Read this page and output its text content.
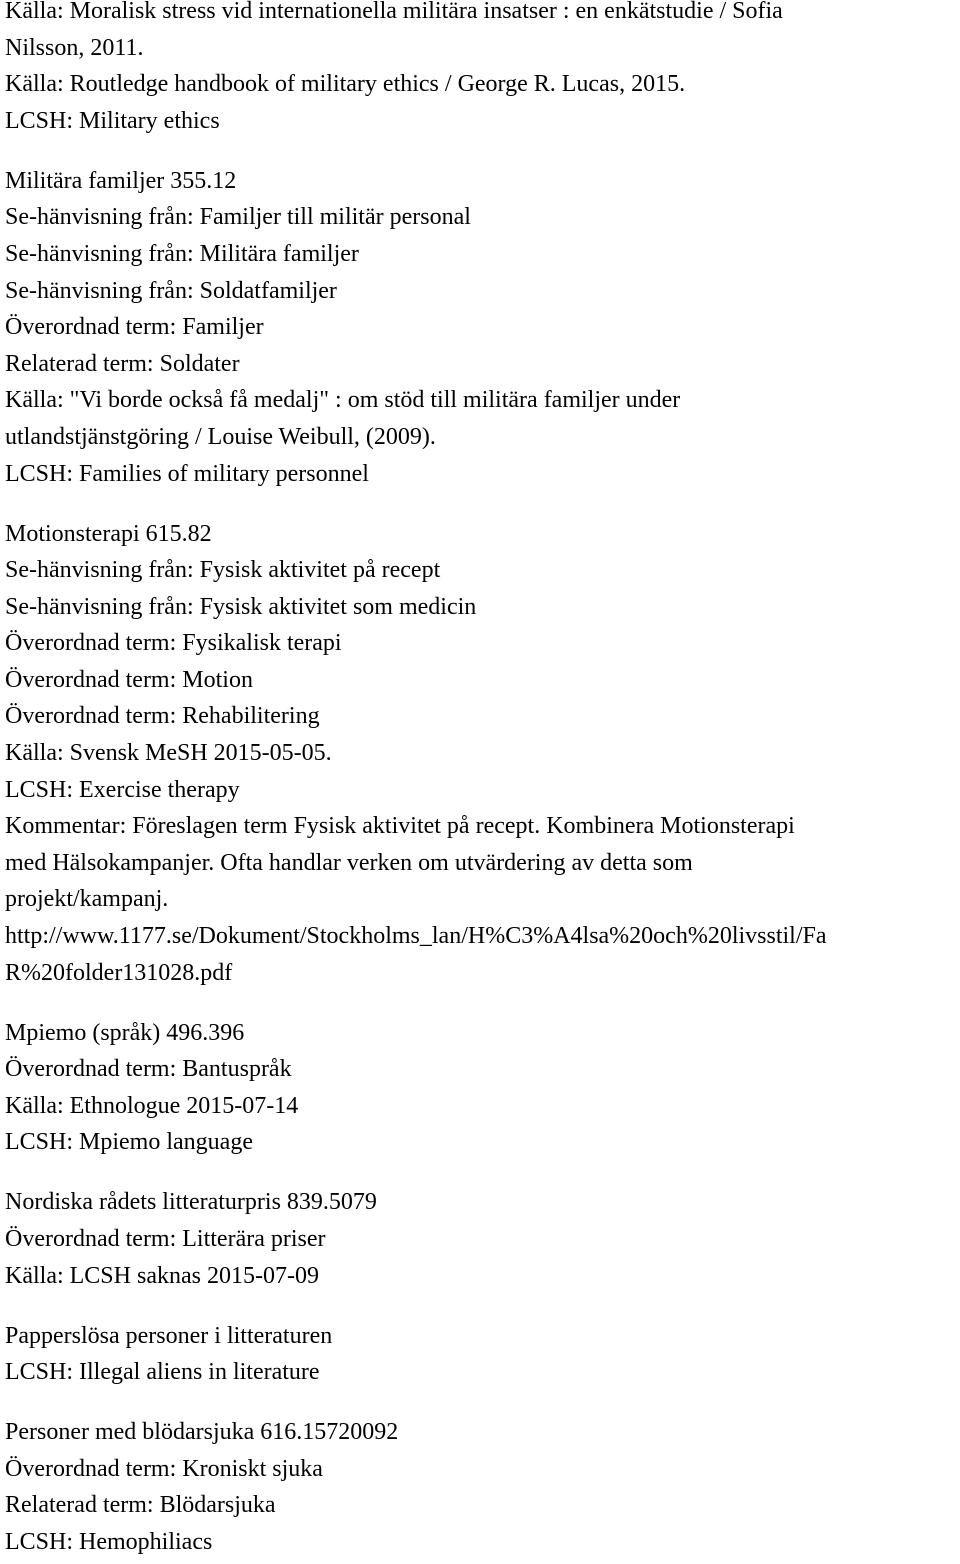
Källa: Moralisk stress vid internationella militära insatser : en enkätstudie / Sofia
Nilsson, 2011.
Källa: Routledge handbook of military ethics / George R. Lucas, 2015.
LCSH: Military ethics
Militära familjer 355.12
Se-hänvisning från: Familjer till militär personal
Se-hänvisning från: Militära familjer
Se-hänvisning från: Soldatfamiljer
Överordnad term: Familjer
Relaterad term: Soldater
Källa: "Vi borde också få medalj" : om stöd till militära familjer under
utlandstjänstgöring / Louise Weibull, (2009).
LCSH: Families of military personnel
Motionsterapi 615.82
Se-hänvisning från: Fysisk aktivitet på recept
Se-hänvisning från: Fysisk aktivitet som medicin
Överordnad term: Fysikalisk terapi
Överordnad term: Motion
Överordnad term: Rehabilitering
Källa: Svensk MeSH 2015-05-05.
LCSH: Exercise therapy
Kommentar: Föreslagen term Fysisk aktivitet på recept. Kombinera Motionsterapi
med Hälsokampanjer. Ofta handlar verken om utvärdering av detta som
projekt/kampanj.
http://www.1177.se/Dokument/Stockholms_lan/H%C3%A4lsa%20och%20livsstil/Fa
R%20folder131028.pdf
Mpiemo (språk) 496.396
Överordnad term: Bantuspråk
Källa: Ethnologue 2015-07-14
LCSH: Mpiemo language
Nordiska rådets litteraturpris 839.5079
Överordnad term: Litterära priser
Källa: LCSH saknas 2015-07-09
Papperslösa personer i litteraturen
LCSH: Illegal aliens in literature
Personer med blödarsjuka 616.15720092
Överordnad term: Kroniskt sjuka
Relaterad term: Blödarsjuka
LCSH: Hemophiliacs
